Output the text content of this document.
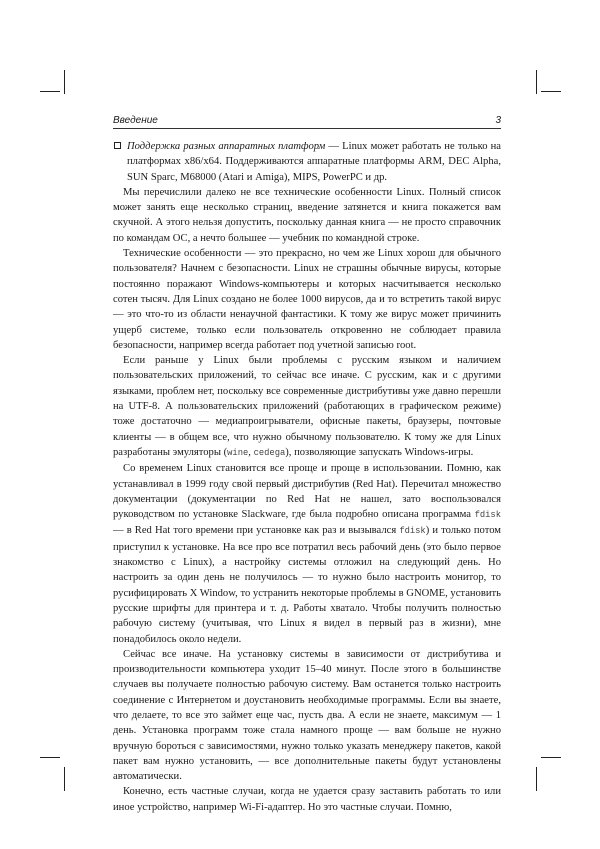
Введение	3
Поддержка разных аппаратных платформ — Linux может работать не только на платформах x86/x64. Поддерживаются аппаратные платформы ARM, DEC Alpha, SUN Sparc, M68000 (Atari и Amiga), MIPS, PowerPC и др.

Мы перечислили далеко не все технические особенности Linux. Полный список может занять еще несколько страниц, введение затянется и книга покажется вам скучной. А этого нельзя допустить, поскольку данная книга — не просто справочник по командам ОС, а нечто большее — учебник по командной строке.

Технические особенности — это прекрасно, но чем же Linux хорош для обычного пользователя? Начнем с безопасности. Linux не страшны обычные вирусы, которые постоянно поражают Windows-компьютеры и которых насчитывается несколько сотен тысяч. Для Linux создано не более 1000 вирусов, да и то встретить такой вирус — это что-то из области ненаучной фантастики. К тому же вирус может причинить ущерб системе, только если пользователь откровенно не соблюдает правила безопасности, например всегда работает под учетной записью root.

Если раньше у Linux были проблемы с русским языком и наличием пользовательских приложений, то сейчас все иначе. С русским, как и с другими языками, проблем нет, поскольку все современные дистрибутивы уже давно перешли на UTF-8. А пользовательских приложений (работающих в графическом режиме) тоже достаточно — медиапроигрыватели, офисные пакеты, браузеры, почтовые клиенты — в общем все, что нужно обычному пользователю. К тому же для Linux разработаны эмуляторы (wine, cedega), позволяющие запускать Windows-игры.

Со временем Linux становится все проще и проще в использовании. Помню, как устанавливал в 1999 году свой первый дистрибутив (Red Hat). Перечитал множество документации (документации по Red Hat не нашел, зато воспользовался руководством по установке Slackware, где была подробно описана программа fdisk — в Red Hat того времени при установке как раз и вызывался fdisk) и только потом приступил к установке. На все про все потратил весь рабочий день (это было первое знакомство с Linux), а настройку системы отложил на следующий день. Но настроить за один день не получилось — то нужно было настроить монитор, то русифицировать X Window, то устранить некоторые проблемы в GNOME, установить русские шрифты для принтера и т. д. Работы хватало. Чтобы получить полностью рабочую систему (учитывая, что Linux я видел в первый раз в жизни), мне понадобилось около недели.

Сейчас все иначе. На установку системы в зависимости от дистрибутива и производительности компьютера уходит 15–40 минут. После этого в большинстве случаев вы получаете полностью рабочую систему. Вам останется только настроить соединение с Интернетом и доустановить необходимые программы. Если вы знаете, что делаете, то все это займет еще час, пусть два. А если не знаете, максимум — 1 день. Установка программ тоже стала намного проще — вам больше не нужно вручную бороться с зависимостями, нужно только указать менеджеру пакетов, какой пакет вам нужно установить, — все дополнительные пакеты будут установлены автоматически.

Конечно, есть частные случаи, когда не удается сразу заставить работать то или иное устройство, например Wi-Fi-адаптер. Но это частные случаи. Помню,
